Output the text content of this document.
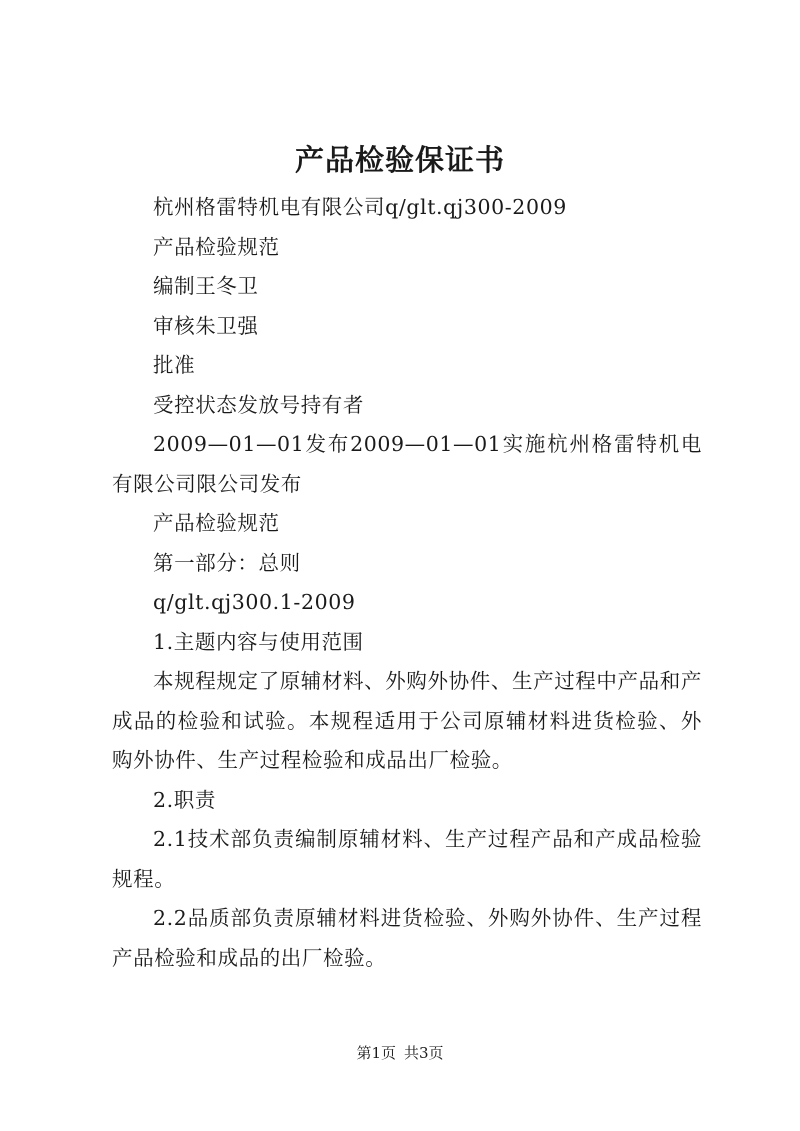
产品检验保证书

杭州格雷特机电有限公司q/glt.qj300-2009

产品检验规范

编制王冬卫

审核朱卫强

批准

受控状态发放号持有者

2009—01—01发布2009—01—01实施杭州格雷特机电有限公司限公司发布

产品检验规范

第一部分：总则

q/glt.qj300.1-2009

1.主题内容与使用范围

本规程规定了原辅材料、外购外协件、生产过程中产品和产成品的检验和试验。本规程适用于公司原辅材料进货检验、外购外协件、生产过程检验和成品出厂检验。

2.职责

2.1技术部负责编制原辅材料、生产过程产品和产成品检验规程。

2.2品质部负责原辅材料进货检验、外购外协件、生产过程产品检验和成品的出厂检验。

第1页 共3页
